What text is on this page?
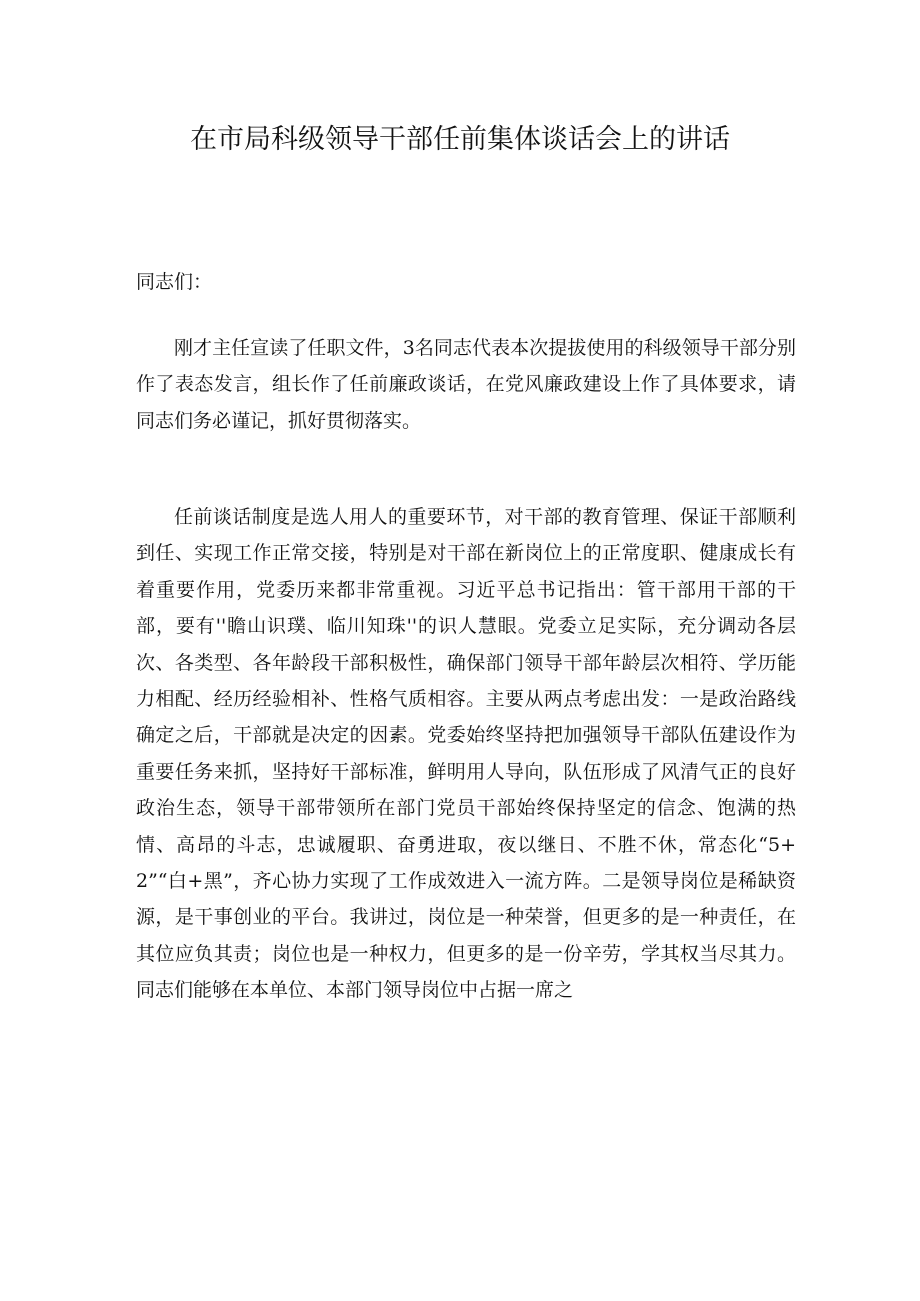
在市局科级领导干部任前集体谈话会上的讲话

同志们：

刚才主任宣读了任职文件，3名同志代表本次提拔使用的科级领导干部分别作了表态发言，组长作了任前廉政谈话，在党风廉政建设上作了具体要求，请同志们务必谨记，抓好贯彻落实。

任前谈话制度是选人用人的重要环节，对干部的教育管理、保证干部顺利到任、实现工作正常交接，特别是对干部在新岗位上的正常度职、健康成长有着重要作用，党委历来都非常重视。习近平总书记指出：管干部用干部的干部，要有''瞻山识璞、临川知珠''的识人慧眼。党委立足实际，充分调动各层次、各类型、各年龄段干部积极性，确保部门领导干部年龄层次相符、学历能力相配、经历经验相补、性格气质相容。主要从两点考虑出发：一是政治路线确定之后，干部就是决定的因素。党委始终坚持把加强领导干部队伍建设作为重要任务来抓，坚持好干部标准，鲜明用人导向，队伍形成了风清气正的良好政治生态，领导干部带领所在部门党员干部始终保持坚定的信念、饱满的热情、高昂的斗志，忠诚履职、奋勇进取，夜以继日、不胜不休，常态化“5+2”“白+黑”，齐心协力实现了工作成效进入一流方阵。二是领导岗位是稀缺资源，是干事创业的平台。我讲过，岗位是一种荣誉，但更多的是一种责任，在其位应负其责；岗位也是一种权力，但更多的是一份辛劳，学其权当尽其力。同志们能够在本单位、本部门领导岗位中占据一席之
